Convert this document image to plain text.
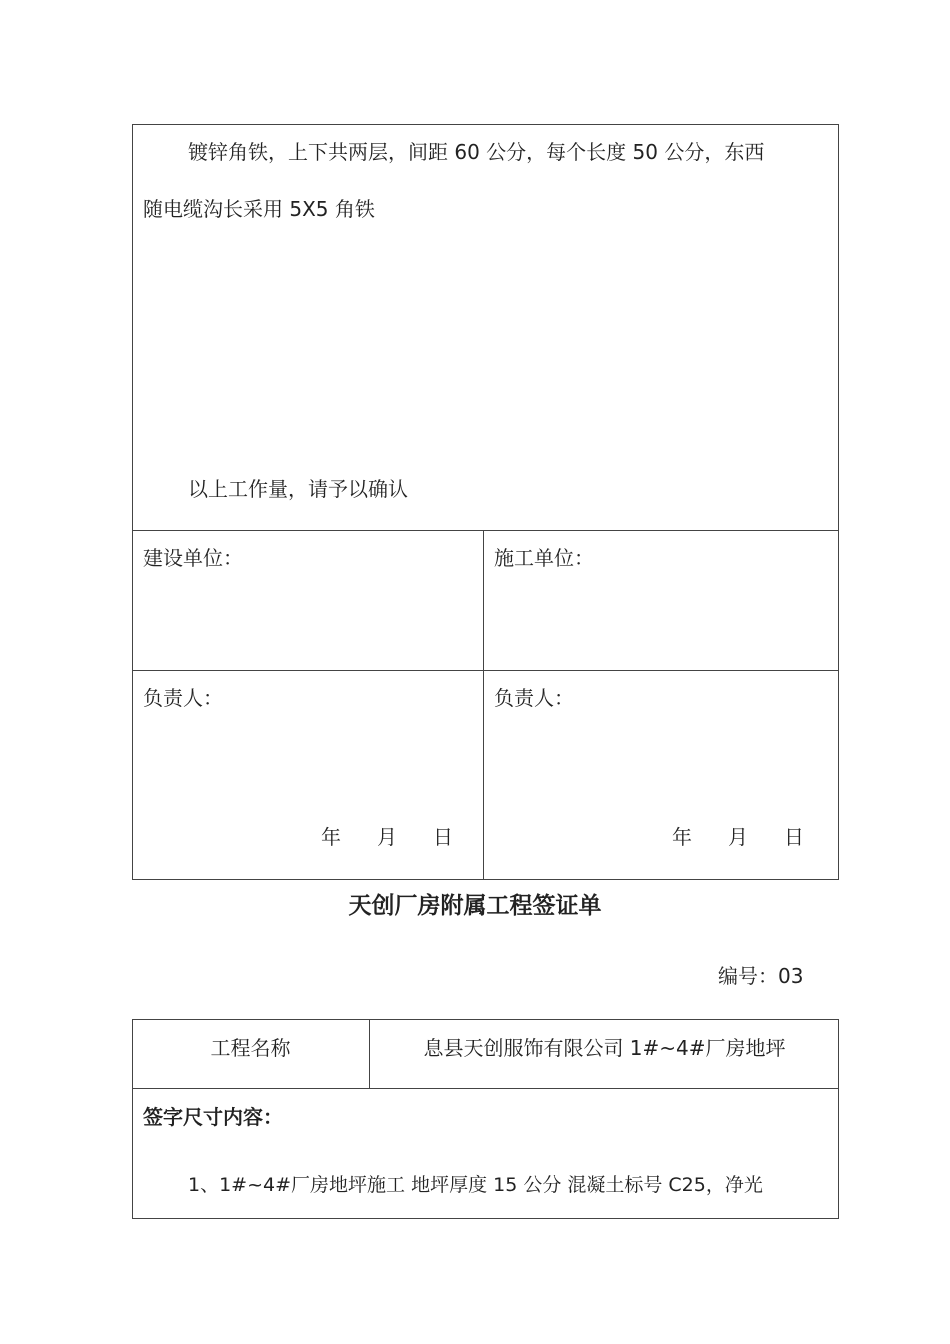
镀锌角铁，上下共两层，间距 60 公分，每个长度 50 公分，东西
随电缆沟长采用 5X5 角铁
以上工作量，请予以确认
建设单位：	施工单位：
负责人：	负责人：
年 月 日	年 月 日
天创厂房附属工程签证单
编号：03
工程名称	息县天创服饰有限公司 1#~4#厂房地坪
签字尺寸内容：
1、1#~4#厂房地坪施工 地坪厚度 15 公分 混凝土标号 C25，净光
